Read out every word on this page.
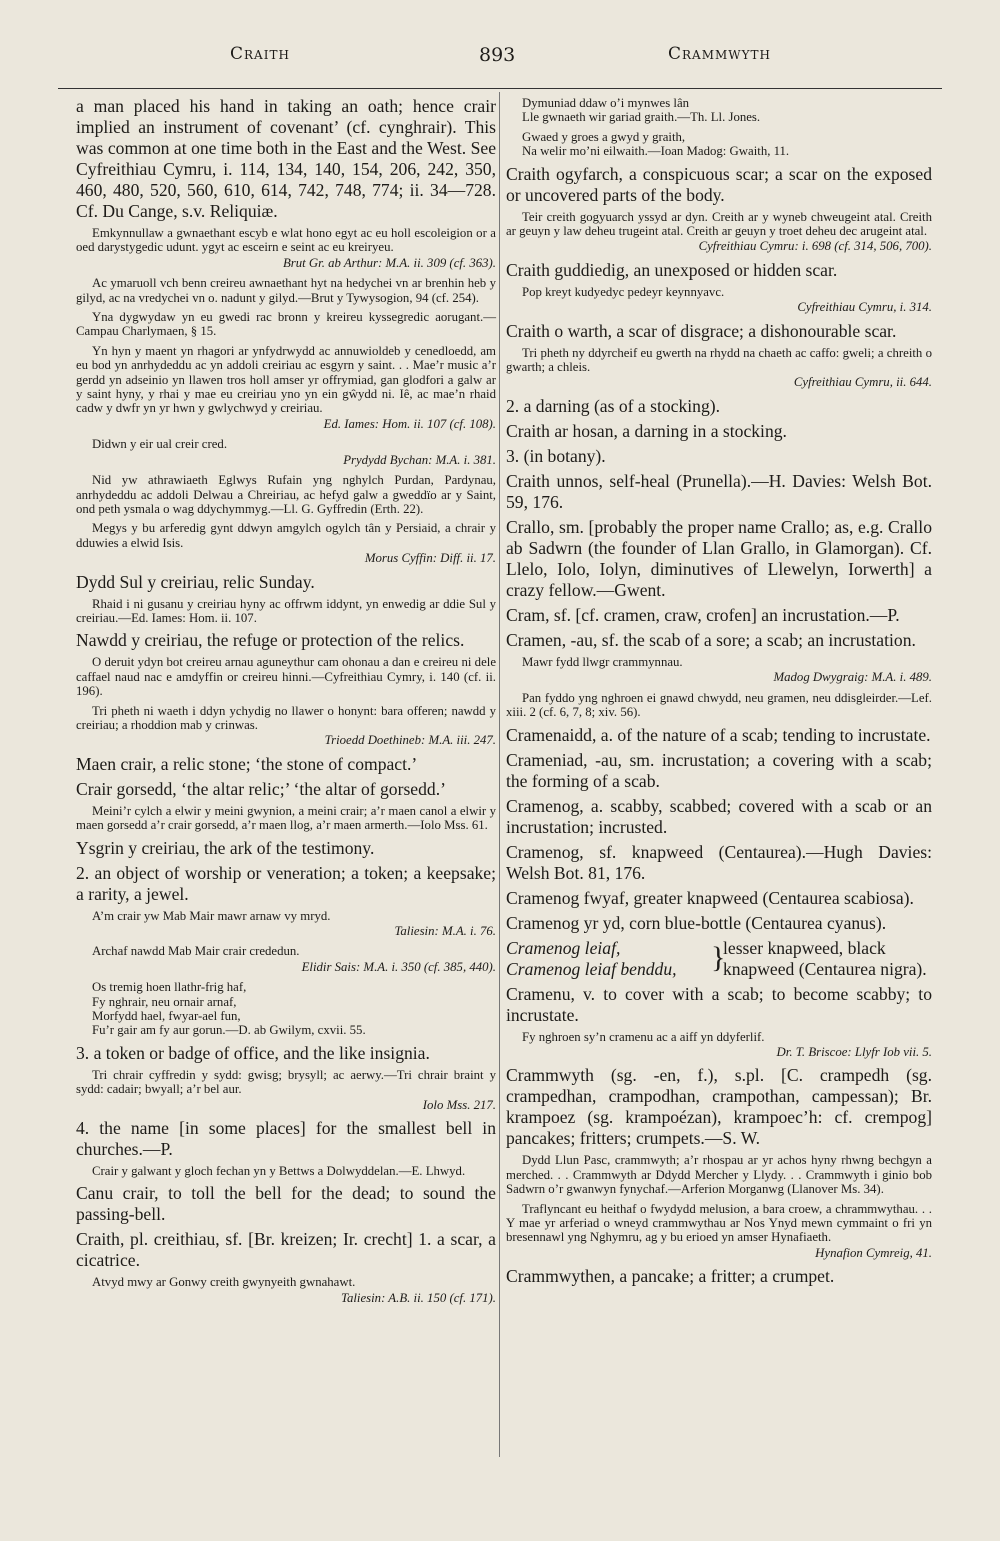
Craith	893	Crammwyth

a man placed his hand in taking an oath; hence crair implied an instrument of covenant’ (cf. cynghrair). This was common at one time both in the East and the West. See Cyfreithiau Cymru, i. 114, 134, 140, 154, 206, 242, 350, 460, 480, 520, 560, 610, 614, 742, 748, 774; ii. 34—728. Cf. Du Cange, s.v. Reliquiæ.

Emkynnullaw a gwnaethant escyb e wlat hono egyt ac eu holl escoleigion or a oed darystygedic udunt. ygyt ac esceirn e seint ac eu kreiryeu.

Brut Gr. ab Arthur: M.A. ii. 309 (cf. 363).

Ac ymaruoll vch benn creireu awnaethant hyt na hedychei vn ar brenhin heb y gilyd, ac na vredychei vn o. nadunt y gilyd.—Brut y Tywysogion, 94 (cf. 254).

Yna dygwydaw yn eu gwedi rac bronn y kreireu kyssegredic aorugant.—Campau Charlymaen, § 15.

Yn hyn y maent yn rhagori ar ynfydrwydd ac annuwioldeb y cenedloedd, am eu bod yn anrhydeddu ac yn addoli creiriau ac esgyrn y saint. . . Mae’r music a’r gerdd yn adseinio yn llawen tros holl amser yr offrymiad, gan glodfori a galw ar y saint hyny, y rhai y mae eu creiriau yno yn ein gŵydd ni. Iê, ac mae’n rhaid cadw y dwfr yn yr hwn y gwlychwyd y creiriau.

Ed. Iames: Hom. ii. 107 (cf. 108).

Didwn y eir ual creir cred.

Prydydd Bychan: M.A. i. 381.

Nid yw athrawiaeth Eglwys Rufain yng nghylch Purdan, Pardynau, anrhydeddu ac addoli Delwau a Chreiriau, ac hefyd galw a gweddïo ar y Saint, ond peth ysmala o wag ddychymmyg.—Ll. G. Gyffredin (Erth. 22).

Megys y bu arferedig gynt ddwyn amgylch ogylch tân y Persiaid, a chrair y dduwies a elwid Isis.

Morus Cyffin: Diff. ii. 17.

Dydd Sul y creiriau, relic Sunday.

Rhaid i ni gusanu y creiriau hyny ac offrwm iddynt, yn enwedig ar ddie Sul y creiriau.—Ed. Iames: Hom. ii. 107.

Nawdd y creiriau, the refuge or protection of the relics.

O deruit ydyn bot creireu arnau aguneythur cam ohonau a dan e creireu ni dele caffael naud nac e amdyffin or creireu hinni.—Cyfreithiau Cymry, i. 140 (cf. ii. 196).

Tri pheth ni waeth i ddyn ychydig no llawer o honynt: bara offeren; nawdd y creiriau; a rhoddion mab y crinwas.

Trioedd Doethineb: M.A. iii. 247.

Maen crair, a relic stone; ‘the stone of compact.’

Crair gorsedd, ‘the altar relic;’ ‘the altar of gorsedd.’

Meini’r cylch a elwir y meini gwynion, a meini crair; a’r maen canol a elwir y maen gorsedd a’r crair gorsedd, a’r maen llog, a’r maen armerth.—Iolo Mss. 61.

Ysgrin y creiriau, the ark of the testimony.

2. an object of worship or veneration; a token; a keepsake; a rarity, a jewel.

A’m crair yw Mab Mair mawr arnaw vy mryd.

Taliesin: M.A. i. 76.

Archaf nawdd Mab Mair crair crededun.

Elidir Sais: M.A. i. 350 (cf. 385, 440).

Os tremig hoen llathr-frig haf,
Fy nghrair, neu ornair arnaf,
Morfydd hael, fwyar-ael fun,
Fu’r gair am fy aur gorun.—D. ab Gwilym, cxvii. 55.

3. a token or badge of office, and the like insignia.

Tri chrair cyffredin y sydd: gwisg; brysyll; ac aerwy.—Tri chrair braint y sydd: cadair; bwyall; a’r bel aur.

Iolo Mss. 217.

4. the name [in some places] for the smallest bell in churches.—P.

Crair y galwant y gloch fechan yn y Bettws a Dolwyddelan.—E. Lhwyd.

Canu crair, to toll the bell for the dead; to sound the passing-bell.

Craith, pl. creithiau, sf. [Br. kreizen; Ir. crecht] 1. a scar, a cicatrice.

Atvyd mwy ar Gonwy creith gwynyeith gwnahawt.

Taliesin: A.B. ii. 150 (cf. 171).

Dymuniad ddaw o’i mynwes lân
Lle gwnaeth wir gariad graith.—Th. Ll. Jones.

Gwaed y groes a gwyd y graith,
Na welir mo’ni eilwaith.—Ioan Madog: Gwaith, 11.

Craith ogyfarch, a conspicuous scar; a scar on the exposed or uncovered parts of the body.

Teir creith gogyuarch yssyd ar dyn. Creith ar y wyneb chweugeint atal. Creith ar geuyn y law deheu trugeint atal. Creith ar geuyn y troet deheu dec arugeint atal.

Cyfreithiau Cymru: i. 698 (cf. 314, 506, 700).

Craith guddiedig, an unexposed or hidden scar.

Pop kreyt kudyedyc pedeyr keynnyavc.

Cyfreithiau Cymru, i. 314.

Craith o warth, a scar of disgrace; a dishonourable scar.

Tri pheth ny ddyrcheif eu gwerth na rhydd na chaeth ac caffo: gweli; a chreith o gwarth; a chleis.

Cyfreithiau Cymru, ii. 644.

2. a darning (as of a stocking).

Craith ar hosan, a darning in a stocking.

3. (in botany).

Craith unnos, self-heal (Prunella).—H. Davies: Welsh Bot. 59, 176.

Crallo, sm. [probably the proper name Crallo; as, e.g. Crallo ab Sadwrn (the founder of Llan Grallo, in Glamorgan). Cf. Llelo, Iolo, Iolyn, diminutives of Llewelyn, Iorwerth] a crazy fellow.—Gwent.

Cram, sf. [cf. cramen, craw, crofen] an incrustation.—P.

Cramen, -au, sf. the scab of a sore; a scab; an incrustation.

Mawr fydd llwgr crammynnau.

Madog Dwygraig: M.A. i. 489.

Pan fyddo yng nghroen ei gnawd chwydd, neu gramen, neu ddisgleirder.—Lef. xiii. 2 (cf. 6, 7, 8; xiv. 56).

Cramenaidd, a. of the nature of a scab; tending to incrustate.

Crameniad, -au, sm. incrustation; a covering with a scab; the forming of a scab.

Cramenog, a. scabby, scabbed; covered with a scab or an incrustation; incrusted.

Cramenog, sf. knapweed (Centaurea).—Hugh Davies: Welsh Bot. 81, 176.

Cramenog fwyaf, greater knapweed (Centaurea scabiosa).

Cramenog yr yd, corn blue-bottle (Centaurea cyanus).

Cramenog leiaf,
Cramenog leiaf benddu,	}
lesser knapweed, black knapweed (Centaurea nigra).

Cramenu, v. to cover with a scab; to become scabby; to incrustate.

Fy nghroen sy’n cramenu ac a aiff yn ddyferlif.

Dr. T. Briscoe: Llyfr Iob vii. 5.

Crammwyth (sg. -en, f.), s.pl. [C. crampedh (sg. crampedhan, crampodhan, crampothan, campessan); Br. krampoez (sg. krampoézan), krampoec’h: cf. crempog] pancakes; fritters; crumpets.—S. W.

Dydd Llun Pasc, crammwyth; a’r rhospau ar yr achos hyny rhwng bechgyn a merched. . . Crammwyth ar Ddydd Mercher y Llydy. . . Crammwyth i ginio bob Sadwrn o’r gwanwyn fynychaf.—Arferion Morganwg (Llanover Ms. 34).

Traflyncant eu heithaf o fwydydd melusion, a bara croew, a chrammwythau. . . Y mae yr arferiad o wneyd crammwythau ar Nos Ynyd mewn cymmaint o fri yn bresennawl yng Nghymru, ag y bu erioed yn amser Hynafiaeth.

Hynafion Cymreig, 41.

Crammwythen, a pancake; a fritter; a crumpet.
